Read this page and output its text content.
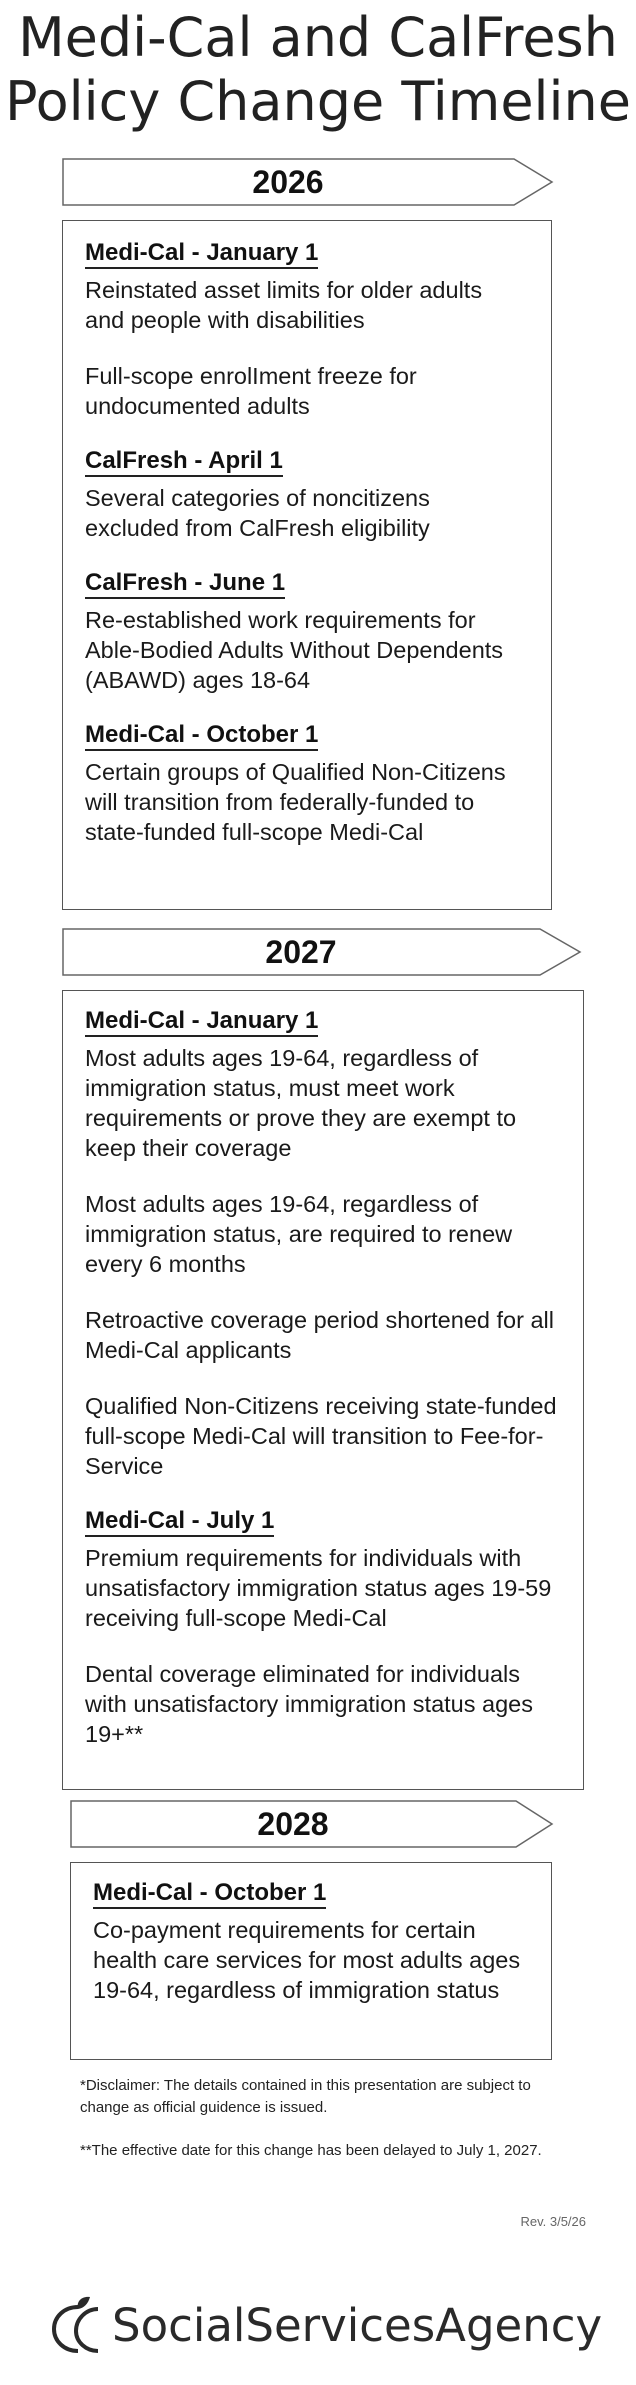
Medi-Cal and CalFresh
Policy Change Timeline
2026
Medi-Cal - January 1
Reinstated asset limits for older adults and people with disabilities
Full-scope enrolIment freeze for undocumented adults
CalFresh - April 1
Several categories of noncitizens excluded from CalFresh eligibility
CalFresh - June 1
Re-established work requirements for Able-Bodied Adults Without Dependents (ABAWD) ages 18-64
Medi-Cal - October 1
Certain groups of Qualified Non-Citizens will transition from federally-funded to state-funded full-scope Medi-Cal
2027
Medi-Cal - January 1
Most adults ages 19-64, regardless of immigration status, must meet work requirements or prove they are exempt to keep their coverage
Most adults ages 19-64, regardless of immigration status, are required to renew every 6 months
Retroactive coverage period shortened for all Medi-Cal applicants
Qualified Non-Citizens receiving state-funded full-scope Medi-Cal will transition to Fee-for-Service
Medi-Cal - July 1
Premium requirements for individuals with unsatisfactory immigration status ages 19-59 receiving full-scope Medi-Cal
Dental coverage eliminated for individuals with unsatisfactory immigration status ages 19+**
2028
Medi-Cal - October 1
Co-payment requirements for certain health care services for most adults ages 19-64, regardless of immigration status
*Disclaimer: The details contained in this presentation are subject to change as official guidence is issued.
**The effective date for this change has been delayed to July 1, 2027.
Rev. 3/5/26
SocialServicesAgency
